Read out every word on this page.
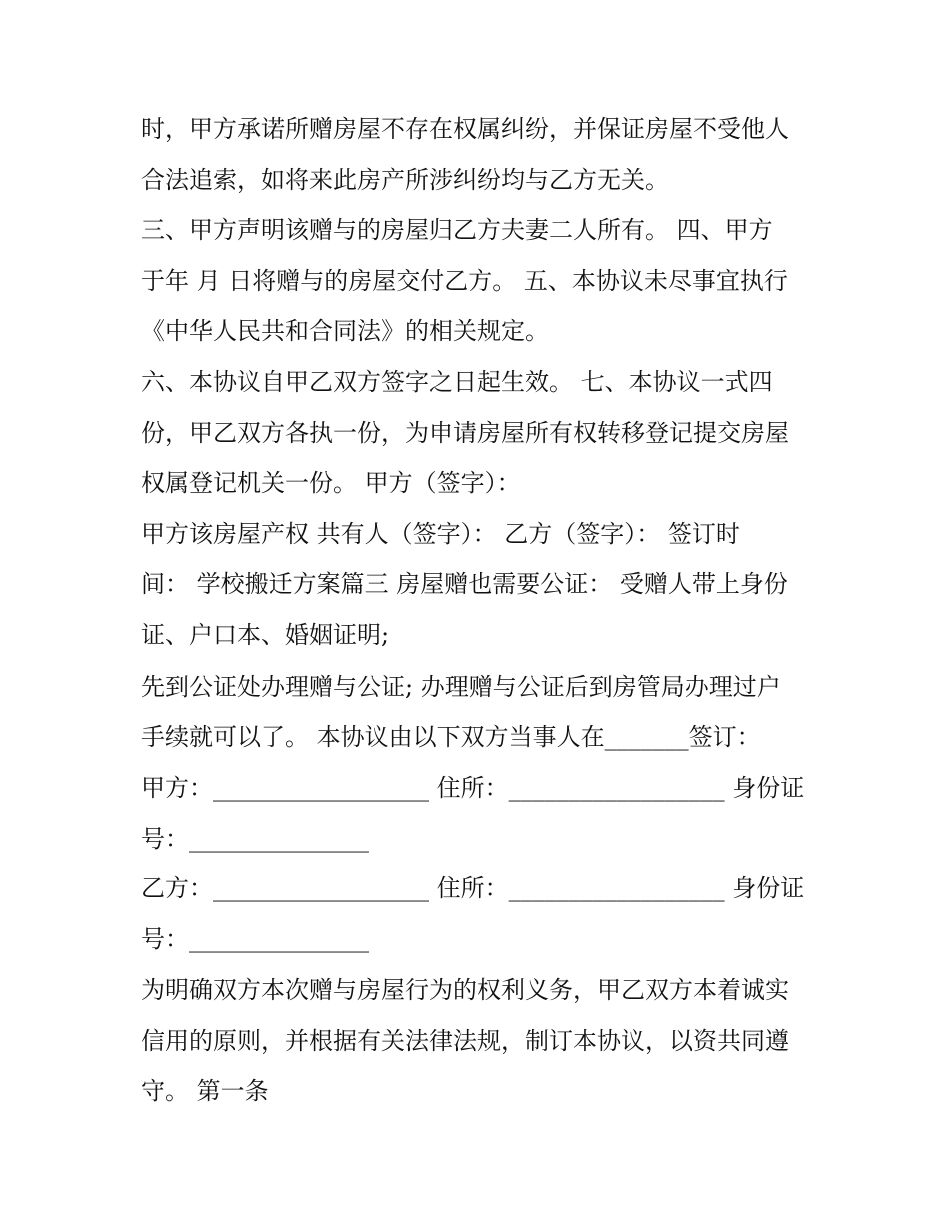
时，甲方承诺所赠房屋不存在权属纠纷，并保证房屋不受他人
合法追索，如将来此房产所涉纠纷均与乙方无关。
三、甲方声明该赠与的房屋归乙方夫妻二人所有。 四、甲方
于年 月 日将赠与的房屋交付乙方。 五、本协议未尽事宜执行
《中华人民共和合同法》的相关规定。
六、本协议自甲乙双方签字之日起生效。 七、本协议一式四
份，甲乙双方各执一份，为申请房屋所有权转移登记提交房屋
权属登记机关一份。 甲方（签字）：
甲方该房屋产权 共有人（签字）： 乙方（签字）： 签订时
间： 学校搬迁方案篇三 房屋赠也需要公证： 受赠人带上身份
证、户口本、婚姻证明;
先到公证处办理赠与公证; 办理赠与公证后到房管局办理过户
手续就可以了。 本协议由以下双方当事人在_______签订：
甲方：__________________ 住所：__________________ 身份证
号：_______________
乙方：__________________ 住所：__________________ 身份证
号：_______________
为明确双方本次赠与房屋行为的权利义务，甲乙双方本着诚实
信用的原则，并根据有关法律法规，制订本协议，以资共同遵
守。 第一条
